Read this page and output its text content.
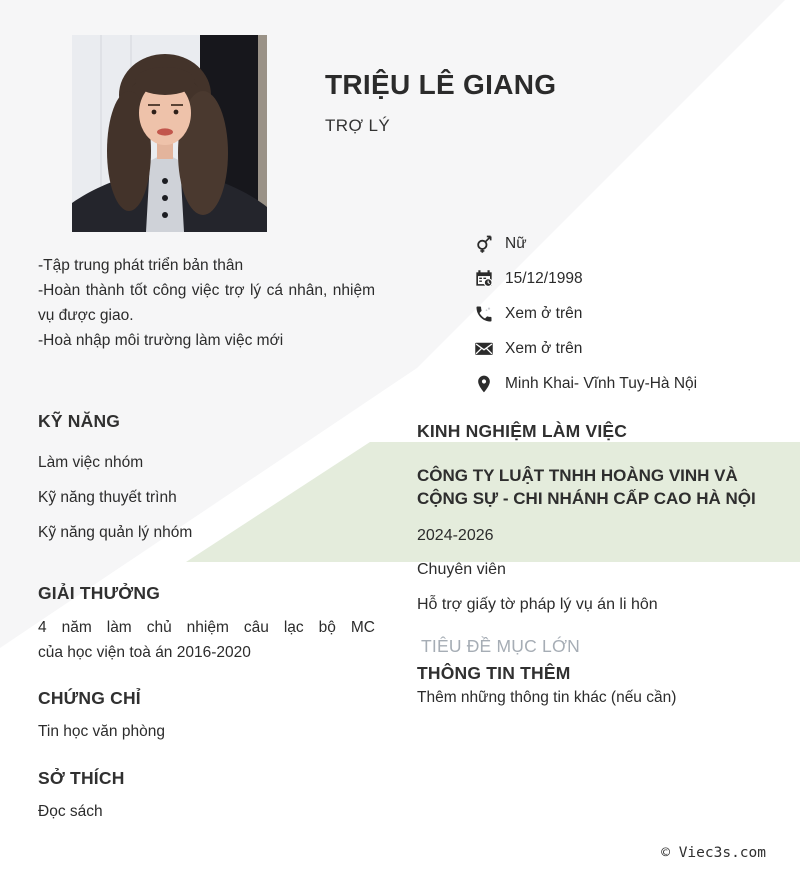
TRIỆU LÊ GIANG
TRỢ LÝ
Nữ
15/12/1998
Xem ở trên
Xem ở trên
Minh Khai- Vĩnh Tuy-Hà Nội
-Tập trung phát triển bản thân
-Hoàn thành tốt công việc trợ lý cá nhân, nhiệm
vụ được giao.
-Hoà nhập môi trường làm việc mới
KỸ NĂNG
Làm việc nhóm
Kỹ năng thuyết trình
Kỹ năng quản lý nhóm
GIẢI THƯỞNG
4 năm làm chủ nhiệm câu lạc bộ MC
của học viện toà án 2016-2020
CHỨNG CHỈ
Tin học văn phòng
SỞ THÍCH
Đọc sách
KINH NGHIỆM LÀM VIỆC
CÔNG TY LUẬT TNHH HOÀNG VINH VÀ CỘNG SỰ - CHI NHÁNH CẤP CAO HÀ NỘI
2024-2026
Chuyên viên
Hỗ trợ giấy tờ pháp lý vụ án li hôn
TIÊU ĐỀ MỤC LỚN
THÔNG TIN THÊM
Thêm những thông tin khác (nếu cần)
© Viec3s.com
